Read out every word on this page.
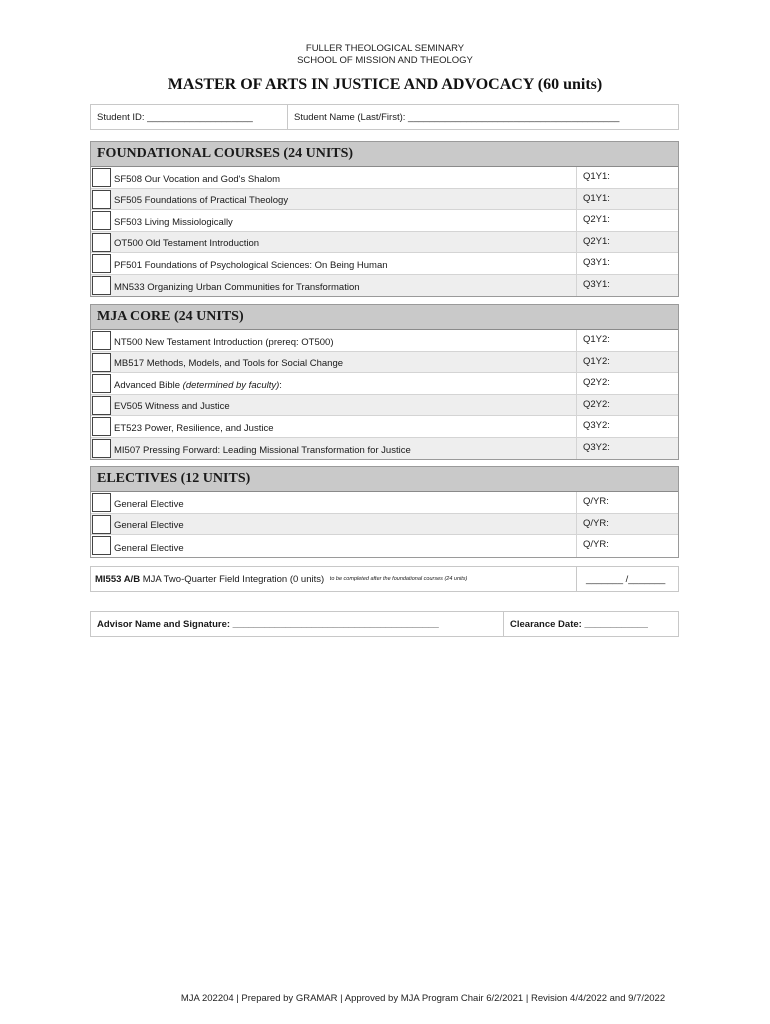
FULLER THEOLOGICAL SEMINARY
SCHOOL OF MISSION AND THEOLOGY
MASTER OF ARTS IN JUSTICE AND ADVOCACY (60 units)
Student ID: ____________________	Student Name (Last/First): ________________________________________
FOUNDATIONAL COURSES (24 UNITS)
SF508 Our Vocation and God's Shalom	Q1Y1:
SF505 Foundations of Practical Theology	Q1Y1:
SF503 Living Missiologically	Q2Y1:
OT500 Old Testament Introduction	Q2Y1:
PF501 Foundations of Psychological Sciences: On Being Human	Q3Y1:
MN533 Organizing Urban Communities for Transformation	Q3Y1:
MJA CORE (24 UNITS)
NT500 New Testament Introduction (prereq: OT500)	Q1Y2:
MB517 Methods, Models, and Tools for Social Change	Q1Y2:
Advanced Bible (determined by faculty) :	Q2Y2:
EV505 Witness and Justice	Q2Y2:
ET523 Power, Resilience, and Justice	Q3Y2:
MI507 Pressing Forward: Leading Missional Transformation for Justice	Q3Y2:
ELECTIVES (12 UNITS)
General Elective	Q/YR:
General Elective	Q/YR:
General Elective	Q/YR:
MI553 A/B MJA Two-Quarter Field Integration (0 units) to be completed after the foundational courses (24 units)	_______ /_______
Advisor Name and Signature: _______________________________________	Clearance Date: ____________
MJA 202204 | Prepared by GRAMAR | Approved by MJA Program Chair 6/2/2021 | Revision 4/4/2022 and 9/7/2022
